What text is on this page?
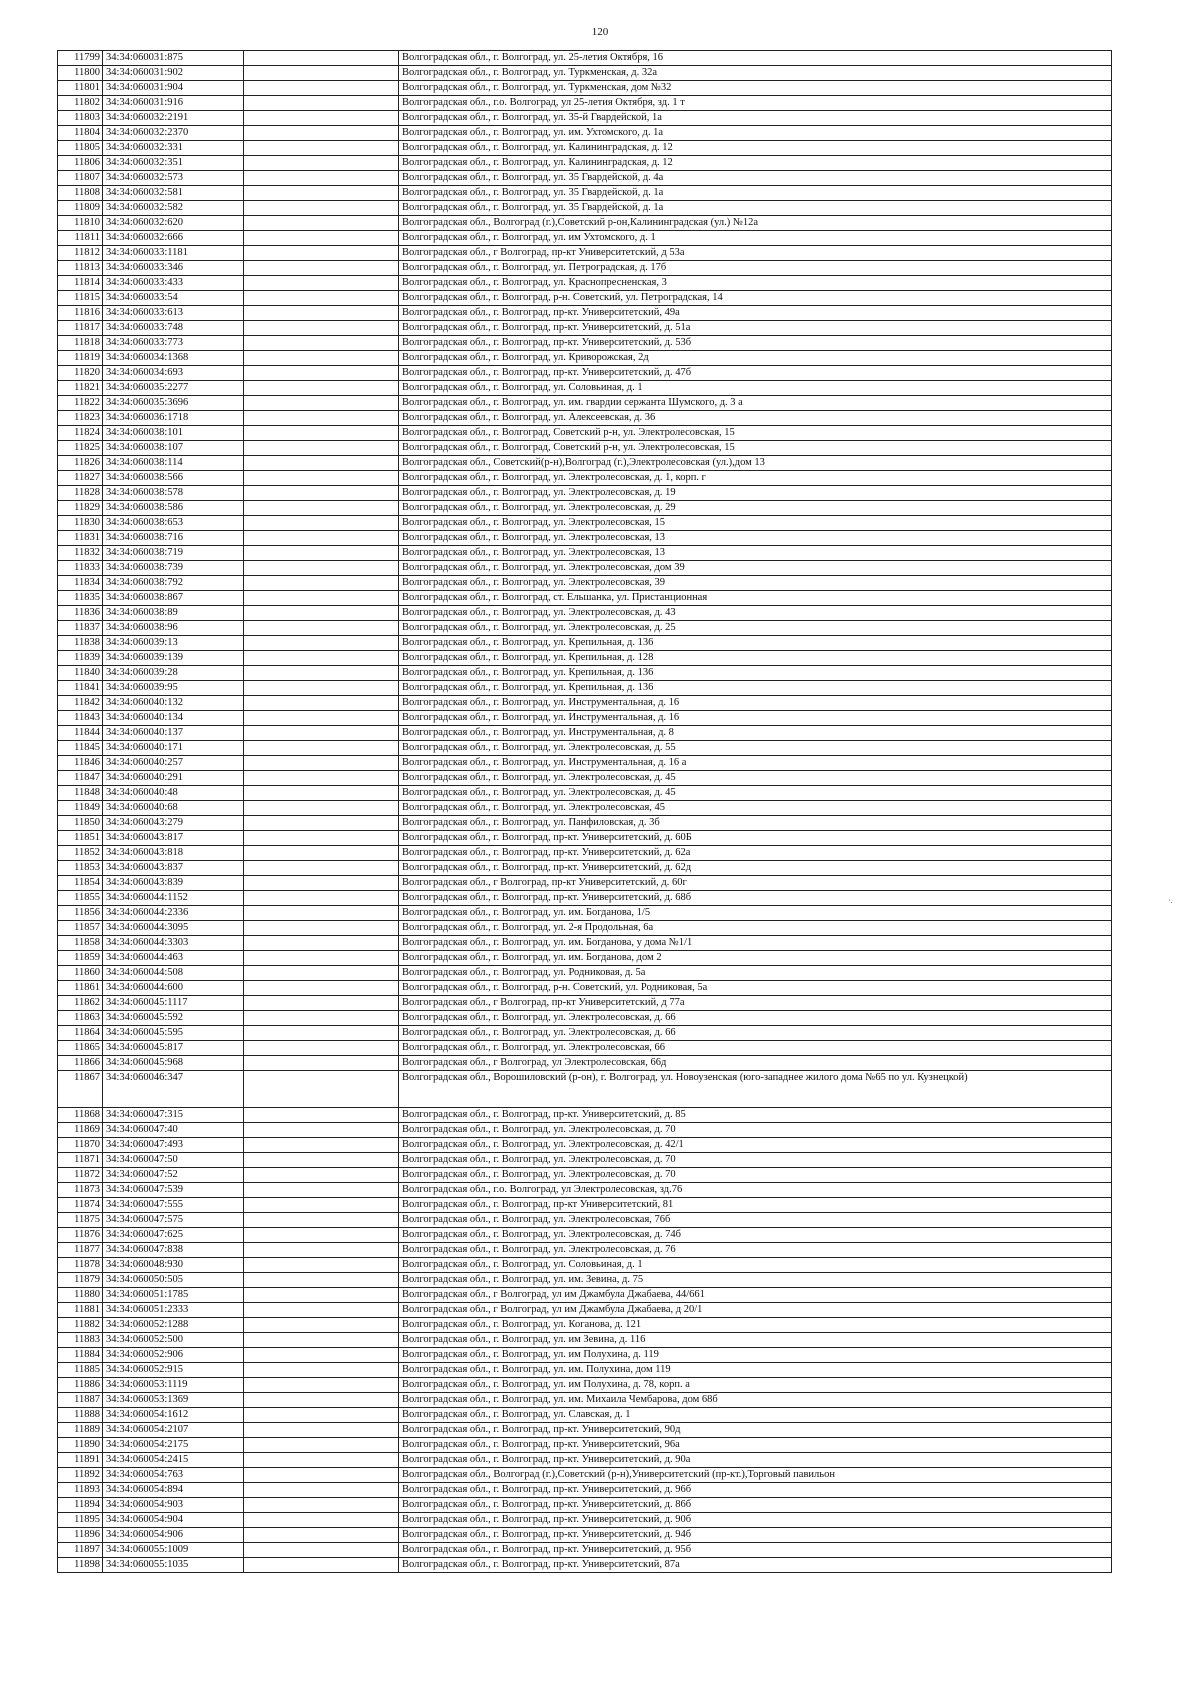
120
11799	34:34:060031:875		Волгоградская обл., г. Волгоград, ул. 25-летия Октября, 16
11800	34:34:060031:902		Волгоградская обл., г. Волгоград, ул. Туркменская, д. 32а
11801	34:34:060031:904		Волгоградская обл., г. Волгоград, ул. Туркменская, дом №32
11802	34:34:060031:916		Волгоградская обл., г.о. Волгоград, ул 25-летия Октября, зд. 1 т
11803	34:34:060032:2191		Волгоградская обл., г. Волгоград, ул. 35-й Гвардейской, 1а
11804	34:34:060032:2370		Волгоградская обл., г. Волгоград, ул. им. Ухтомского, д. 1а
11805	34:34:060032:331		Волгоградская обл., г. Волгоград, ул. Калининградская, д. 12
11806	34:34:060032:351		Волгоградская обл., г. Волгоград, ул. Калининградская, д. 12
11807	34:34:060032:573		Волгоградская обл., г. Волгоград, ул. 35 Гвардейской, д. 4а
11808	34:34:060032:581		Волгоградская обл., г. Волгоград, ул. 35 Гвардейской, д. 1а
11809	34:34:060032:582		Волгоградская обл., г. Волгоград, ул. 35 Гвардейской, д. 1а
11810	34:34:060032:620		Волгоградская обл., Волгоград (г.),Советский р-он,Калининградская (ул.) №12а
11811	34:34:060032:666		Волгоградская обл., г. Волгоград, ул. им Ухтомского, д. 1
11812	34:34:060033:1181		Волгоградская обл., г Волгоград, пр-кт Университетский, д 53а
11813	34:34:060033:346		Волгоградская обл., г. Волгоград, ул. Петроградская, д. 17б
11814	34:34:060033:433		Волгоградская обл., г. Волгоград, ул. Краснопресненская, 3
11815	34:34:060033:54		Волгоградская обл., г. Волгоград, р-н. Советский, ул. Петроградская, 14
11816	34:34:060033:613		Волгоградская обл., г. Волгоград, пр-кт. Университетский, 49а
11817	34:34:060033:748		Волгоградская обл., г. Волгоград, пр-кт. Университетский, д. 51а
11818	34:34:060033:773		Волгоградская обл., г. Волгоград, пр-кт. Университетский, д. 53б
11819	34:34:060034:1368		Волгоградская обл., г. Волгоград, ул. Криворожская, 2д
11820	34:34:060034:693		Волгоградская обл., г. Волгоград, пр-кт. Университетский, д. 47б
11821	34:34:060035:2277		Волгоградская обл., г. Волгоград, ул. Соловьиная, д. 1
11822	34:34:060035:3696		Волгоградская обл., г. Волгоград, ул. им. гвардии сержанта Шумского, д. 3 а
11823	34:34:060036:1718		Волгоградская обл., г. Волгоград, ул. Алексеевская, д. 36
11824	34:34:060038:101		Волгоградская обл., г. Волгоград, Советский р-н, ул. Электролесовская, 15
11825	34:34:060038:107		Волгоградская обл., г. Волгоград, Советский р-н, ул. Электролесовская, 15
11826	34:34:060038:114		Волгоградская обл., Советский(р-н),Волгоград (г.),Электролесовская (ул.),дом 13
11827	34:34:060038:566		Волгоградская обл., г. Волгоград, ул. Электролесовская, д. 1, корп. г
11828	34:34:060038:578		Волгоградская обл., г. Волгоград, ул. Электролесовская, д. 19
11829	34:34:060038:586		Волгоградская обл., г. Волгоград, ул. Электролесовская, д. 29
11830	34:34:060038:653		Волгоградская обл., г. Волгоград, ул. Электролесовская, 15
11831	34:34:060038:716		Волгоградская обл., г. Волгоград, ул. Электролесовская, 13
11832	34:34:060038:719		Волгоградская обл., г. Волгоград, ул. Электролесовская, 13
11833	34:34:060038:739		Волгоградская обл., г. Волгоград, ул. Электролесовская, дом 39
11834	34:34:060038:792		Волгоградская обл., г. Волгоград, ул. Электролесовская, 39
11835	34:34:060038:867		Волгоградская обл., г. Волгоград, ст. Ельшанка, ул. Пристанционная
11836	34:34:060038:89		Волгоградская обл., г. Волгоград, ул. Электролесовская, д. 43
11837	34:34:060038:96		Волгоградская обл., г. Волгоград, ул. Электролесовская, д. 25
11838	34:34:060039:13		Волгоградская обл., г. Волгоград, ул. Крепильная, д. 136
11839	34:34:060039:139		Волгоградская обл., г. Волгоград, ул. Крепильная, д. 128
11840	34:34:060039:28		Волгоградская обл., г. Волгоград, ул. Крепильная, д. 136
11841	34:34:060039:95		Волгоградская обл., г. Волгоград, ул. Крепильная, д. 136
11842	34:34:060040:132		Волгоградская обл., г. Волгоград, ул. Инструментальная, д. 16
11843	34:34:060040:134		Волгоградская обл., г. Волгоград, ул. Инструментальная, д. 16
11844	34:34:060040:137		Волгоградская обл., г. Волгоград, ул. Инструментальная, д. 8
11845	34:34:060040:171		Волгоградская обл., г. Волгоград, ул. Электролесовская, д. 55
11846	34:34:060040:257		Волгоградская обл., г. Волгоград, ул. Инструментальная, д. 16 а
11847	34:34:060040:291		Волгоградская обл., г. Волгоград, ул. Электролесовская, д. 45
11848	34:34:060040:48		Волгоградская обл., г. Волгоград, ул. Электролесовская, д. 45
11849	34:34:060040:68		Волгоградская обл., г. Волгоград, ул. Электролесовская, 45
11850	34:34:060043:279		Волгоградская обл., г. Волгоград, ул. Панфиловская, д. 3б
11851	34:34:060043:817		Волгоградская обл., г. Волгоград, пр-кт. Университетский, д. 60Б
11852	34:34:060043:818		Волгоградская обл., г. Волгоград, пр-кт. Университетский, д. 62а
11853	34:34:060043:837		Волгоградская обл., г. Волгоград, пр-кт. Университетский, д. 62д
11854	34:34:060043:839		Волгоградская обл., г Волгоград, пр-кт Университетский, д. 60г
11855	34:34:060044:1152		Волгоградская обл., г. Волгоград, пр-кт. Университетский, д. 68б
11856	34:34:060044:2336		Волгоградская обл., г. Волгоград, ул. им. Богданова, 1/5
11857	34:34:060044:3095		Волгоградская обл., г. Волгоград, ул. 2-я Продольная, 6а
11858	34:34:060044:3303		Волгоградская обл., г. Волгоград, ул. им. Богданова, у дома №1/1
11859	34:34:060044:463		Волгоградская обл., г. Волгоград, ул. им. Богданова, дом 2
11860	34:34:060044:508		Волгоградская обл., г. Волгоград, ул. Родниковая, д. 5а
11861	34:34:060044:600		Волгоградская обл., г. Волгоград, р-н. Советский, ул. Родниковая, 5а
11862	34:34:060045:1117		Волгоградская обл., г Волгоград, пр-кт Университетский, д 77а
11863	34:34:060045:592		Волгоградская обл., г. Волгоград, ул. Электролесовская, д. 66
11864	34:34:060045:595		Волгоградская обл., г. Волгоград, ул. Электролесовская, д. 66
11865	34:34:060045:817		Волгоградская обл., г. Волгоград, ул. Электролесовская, 66
11866	34:34:060045:968		Волгоградская обл., г Волгоград, ул Электролесовская, 66д
11867	34:34:060046:347		Волгоградская обл., Ворошиловский (р-он), г. Волгоград, ул. Новоузенская (юго-западнее жилого дома №65 по ул. Кузнецкой)
11868	34:34:060047:315		Волгоградская обл., г. Волгоград, пр-кт. Университетский, д. 85
11869	34:34:060047:40		Волгоградская обл., г. Волгоград, ул. Электролесовская, д. 70
11870	34:34:060047:493		Волгоградская обл., г. Волгоград, ул. Электролесовская, д. 42/1
11871	34:34:060047:50		Волгоградская обл., г. Волгоград, ул. Электролесовская, д. 70
11872	34:34:060047:52		Волгоградская обл., г. Волгоград, ул. Электролесовская, д. 70
11873	34:34:060047:539		Волгоградская обл., г.о. Волгоград, ул Электролесовская, зд.76
11874	34:34:060047:555		Волгоградская обл., г. Волгоград, пр-кт Университетский, 81
11875	34:34:060047:575		Волгоградская обл., г. Волгоград, ул. Электролесовская, 76б
11876	34:34:060047:625		Волгоградская обл., г. Волгоград, ул. Электролесовская, д. 74б
11877	34:34:060047:838		Волгоградская обл., г. Волгоград, ул. Электролесовская, д. 76
11878	34:34:060048:930		Волгоградская обл., г. Волгоград, ул. Соловьиная, д. 1
11879	34:34:060050:505		Волгоградская обл., г. Волгоград, ул. им. Зевина, д. 75
11880	34:34:060051:1785		Волгоградская обл., г Волгоград, ул им Джамбула Джабаева, 44/661
11881	34:34:060051:2333		Волгоградская обл., г Волгоград, ул им Джамбула Джабаева, д 20/1
11882	34:34:060052:1288		Волгоградская обл., г. Волгоград, ул. Коганова, д. 121
11883	34:34:060052:500		Волгоградская обл., г. Волгоград, ул. им Зевина, д. 116
11884	34:34:060052:906		Волгоградская обл., г. Волгоград, ул. им Полухина, д. 119
11885	34:34:060052:915		Волгоградская обл., г. Волгоград, ул. им. Полухина, дом 119
11886	34:34:060053:1119		Волгоградская обл., г. Волгоград, ул. им Полухина, д. 78, корп. а
11887	34:34:060053:1369		Волгоградская обл., г. Волгоград, ул. им. Михаила Чембарова, дом 68б
11888	34:34:060054:1612		Волгоградская обл., г. Волгоград, ул. Славская, д. 1
11889	34:34:060054:2107		Волгоградская обл., г. Волгоград, пр-кт. Университетский, 90д
11890	34:34:060054:2175		Волгоградская обл., г. Волгоград, пр-кт. Университетский, 96а
11891	34:34:060054:2415		Волгоградская обл., г. Волгоград, пр-кт. Университетский, д. 90а
11892	34:34:060054:763		Волгоградская обл., Волгоград (г.),Советский (р-н),Университетский (пр-кт.),Торговый павильон
11893	34:34:060054:894		Волгоградская обл., г. Волгоград, пр-кт. Университетский, д. 96б
11894	34:34:060054:903		Волгоградская обл., г. Волгоград, пр-кт. Университетский, д. 86б
11895	34:34:060054:904		Волгоградская обл., г. Волгоград, пр-кт. Университетский, д. 90б
11896	34:34:060054:906		Волгоградская обл., г. Волгоград, пр-кт. Университетский, д. 94б
11897	34:34:060055:1009		Волгоградская обл., г. Волгоград, пр-кт. Университетский, д. 95б
11898	34:34:060055:1035		Волгоградская обл., г. Волгоград, пр-кт. Университетский, 87а
·.
